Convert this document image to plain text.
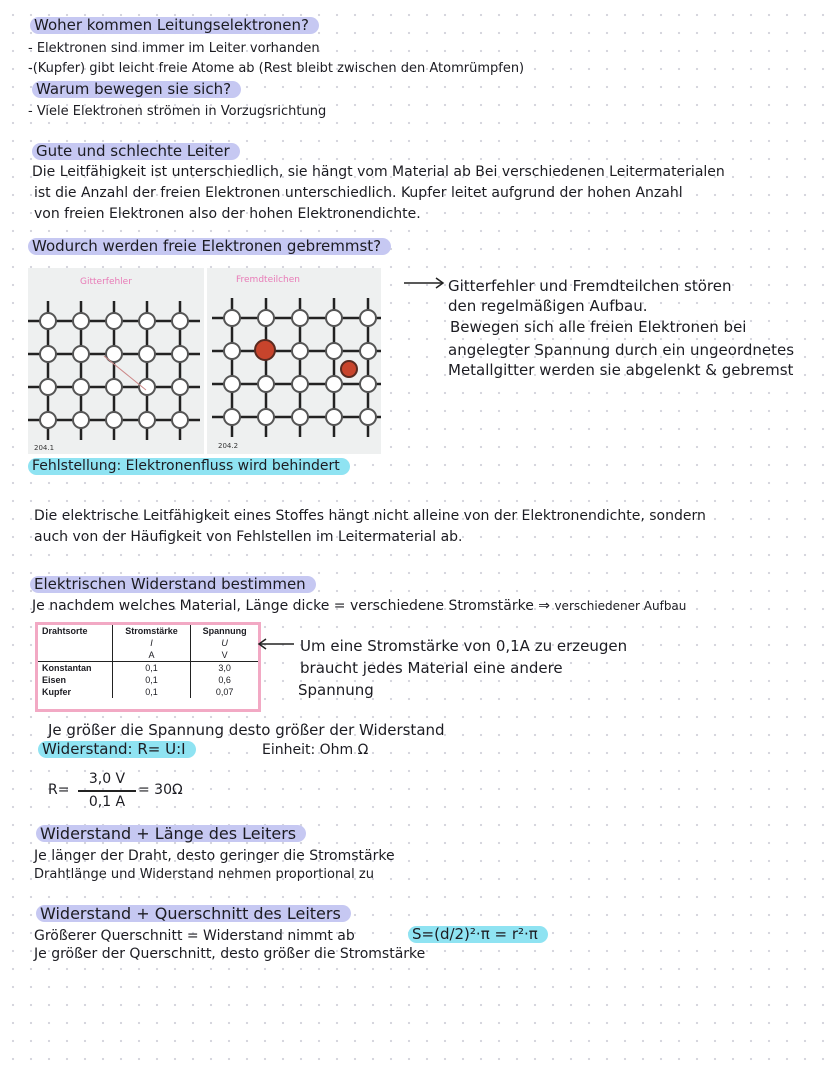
Woher kommen Leitungselektronen?
- Elektronen sind immer im Leiter vorhanden
-(Kupfer) gibt leicht freie Atome ab (Rest bleibt zwischen den Atomrümpfen)
Warum bewegen sie sich?
- Viele Elektronen strömen in Vorzugsrichtung
Gute und schlechte Leiter
Die Leitfähigkeit ist unterschiedlich, sie hängt vom Material ab Bei verschiedenen Leitermaterialen
ist die Anzahl der freien Elektronen unterschiedlich. Kupfer leitet aufgrund der hohen Anzahl
von freien Elektronen also der hohen Elektronendichte.
Wodurch werden freie Elektronen gebremmst?
Gitterfehler	Fremdteilchen
204.1	204.2
Gitterfehler und Fremdteilchen stören
den regelmäßigen Aufbau.
Bewegen sich alle freien Elektronen bei
angelegter Spannung durch ein ungeordnetes
Metallgitter werden sie abgelenkt & gebremst
Fehlstellung: Elektronenfluss wird behindert
Die elektrische Leitfähigkeit eines Stoffes hängt nicht alleine von der Elektronendichte, sondern
auch von der Häufigkeit von Fehlstellen im Leitermaterial ab.
Elektrischen Widerstand bestimmen
Je nachdem welches Material, Länge dicke = verschiedene Stromstärke ⇒ verschiedener Aufbau
Drahtsorte	Stromstärke	Spannung
	I	U
	A	V
Konstantan	0,1	3,0
Eisen	0,1	0,6
Kupfer	0,1	0,07
Um eine Stromstärke von 0,1A zu erzeugen
braucht jedes Material eine andere
Spannung
Je größer die Spannung desto größer der Widerstand
Widerstand: R= U:I	Einheit: Ohm Ω
R=
3,0 V
0,1 A
= 30Ω
Widerstand + Länge des Leiters
Je länger der Draht, desto geringer die Stromstärke
Drahtlänge und Widerstand nehmen proportional zu
Widerstand + Querschnitt des Leiters
Größerer Querschnitt = Widerstand nimmt ab	S=(d/2)²·π = r²·π
Je größer der Querschnitt, desto größer die Stromstärke
